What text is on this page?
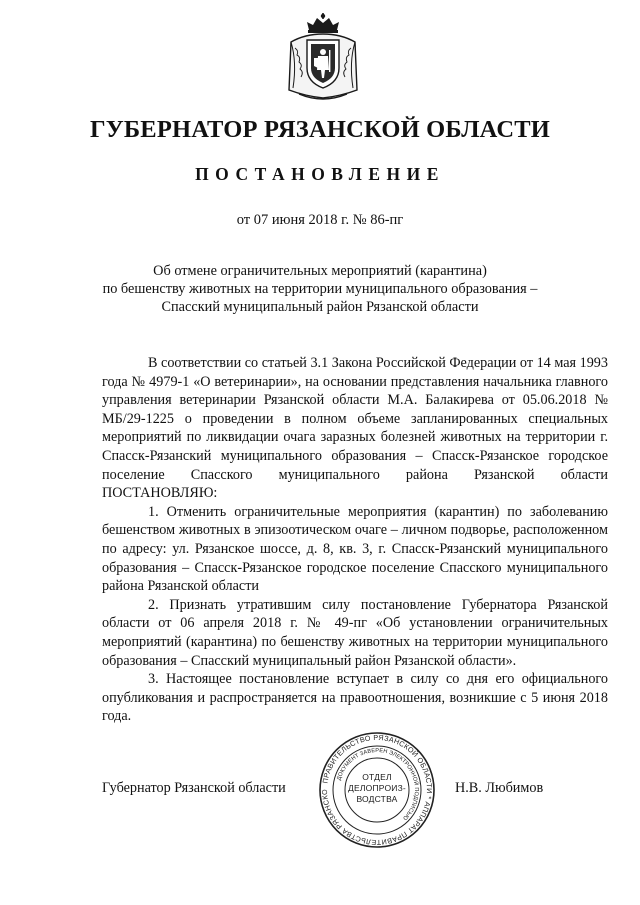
ГУБЕРНАТОР РЯЗАНСКОЙ ОБЛАСТИ
ПОСТАНОВЛЕНИЕ
от 07 июня 2018 г. № 86-пг
Об отмене ограничительных мероприятий (карантина)
по бешенству животных на территории муниципального образования –
Спасский муниципальный район Рязанской области

В соответствии со статьей 3.1 Закона Российской Федерации от 14 мая 1993 года № 4979-1 «О ветеринарии», на основании представления начальника главного управления ветеринарии Рязанской области М.А. Балакирева от 05.06.2018 № МБ/29-1225 о проведении в полном объеме запланированных специальных мероприятий по ликвидации очага заразных болезней животных на территории г. Спасск-Рязанский муниципального образования – Спасск-Рязанское городское поселение Спасского муниципального района Рязанской области ПОСТАНОВЛЯЮ:

1. Отменить ограничительные мероприятия (карантин) по заболеванию бешенством животных в эпизоотическом очаге – личном подворье, расположенном по адресу: ул. Рязанское шоссе, д. 8, кв. 3, г. Спасск-Рязанский муниципального образования – Спасск-Рязанское городское поселение Спасского муниципального района Рязанской области

2. Признать утратившим силу постановление Губернатора Рязанской области от 06 апреля 2018 г. № 49-пг «Об установлении ограничительных мероприятий (карантина) по бешенству животных на территории муниципального образования – Спасский муниципальный район Рязанской области».

3. Настоящее постановление вступает в силу со дня его официального опубликования и распространяется на правоотношения, возникшие с 5 июня 2018 года.

Губернатор Рязанской области	Н.В. Любимов
ПРАВИТЕЛЬСТВО РЯЗАНСКОЙ ОБЛАСТИ * АППАРАТ ПРАВИТЕЛЬСТВА РЯЗАНСКО
ДОКУМЕНТ ЗАВЕРЕН ЭЛЕКТРОННОЙ ПОДПИСЬЮ
ОТДЕЛ
ДЕЛОПРОИЗ-
ВОДСТВА
